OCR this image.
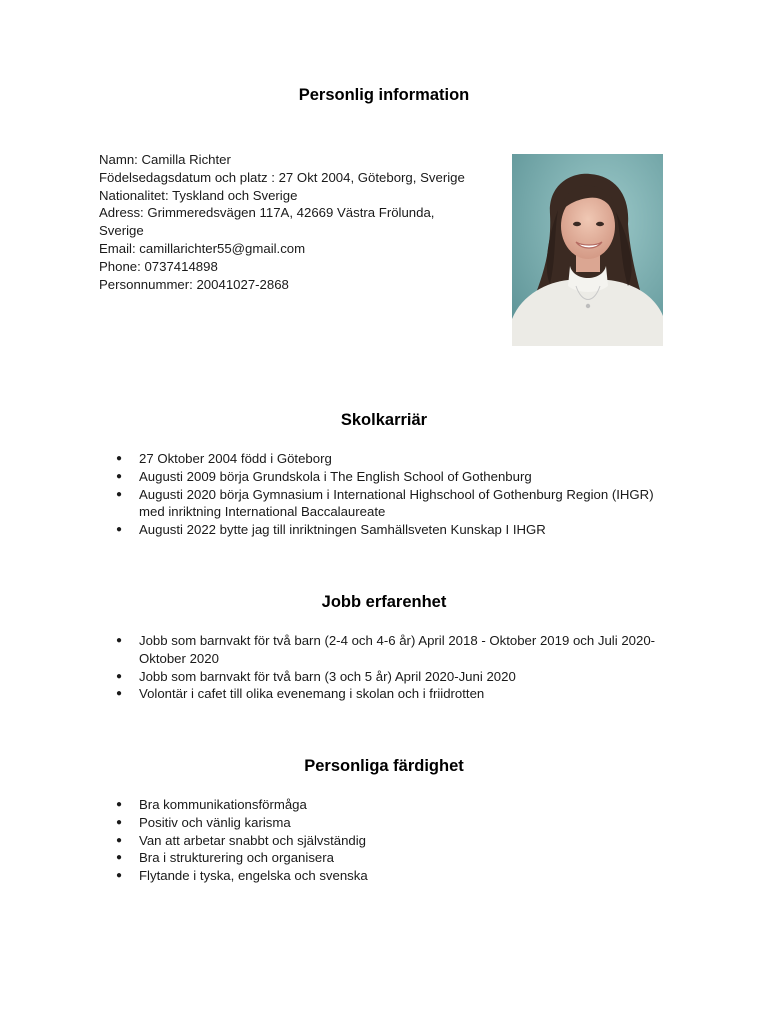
Personlig information
Namn: Camilla Richter
Födelsedagsdatum och platz : 27 Okt 2004, Göteborg, Sverige
Nationalitet: Tyskland och Sverige
Adress: Grimmeredsvägen 117A, 42669 Västra Frölunda, Sverige
Email: camillarichter55@gmail.com
Phone: 0737414898
Personnummer: 20041027-2868
Skolkarriär
● 27 Oktober 2004 född i Göteborg
● Augusti 2009 börja Grundskola i The English School of Gothenburg
● Augusti 2020 börja Gymnasium i International Highschool of Gothenburg Region (IHGR) med inriktning International Baccalaureate
● Augusti 2022 bytte jag till inriktningen Samhällsveten Kunskap I IHGR
Jobb erfarenhet
● Jobb som barnvakt för två barn (2-4 och 4-6 år) April 2018 - Oktober 2019 och Juli 2020-Oktober 2020
● Jobb som barnvakt för två barn (3 och 5 år) April 2020-Juni 2020
● Volontär i cafet till olika evenemang i skolan och i friidrotten
Personliga färdighet
● Bra kommunikationsförmåga
● Positiv och vänlig karisma
● Van att arbetar snabbt och självständig
● Bra i strukturering och organisera
● Flytande i tyska, engelska och svenska
